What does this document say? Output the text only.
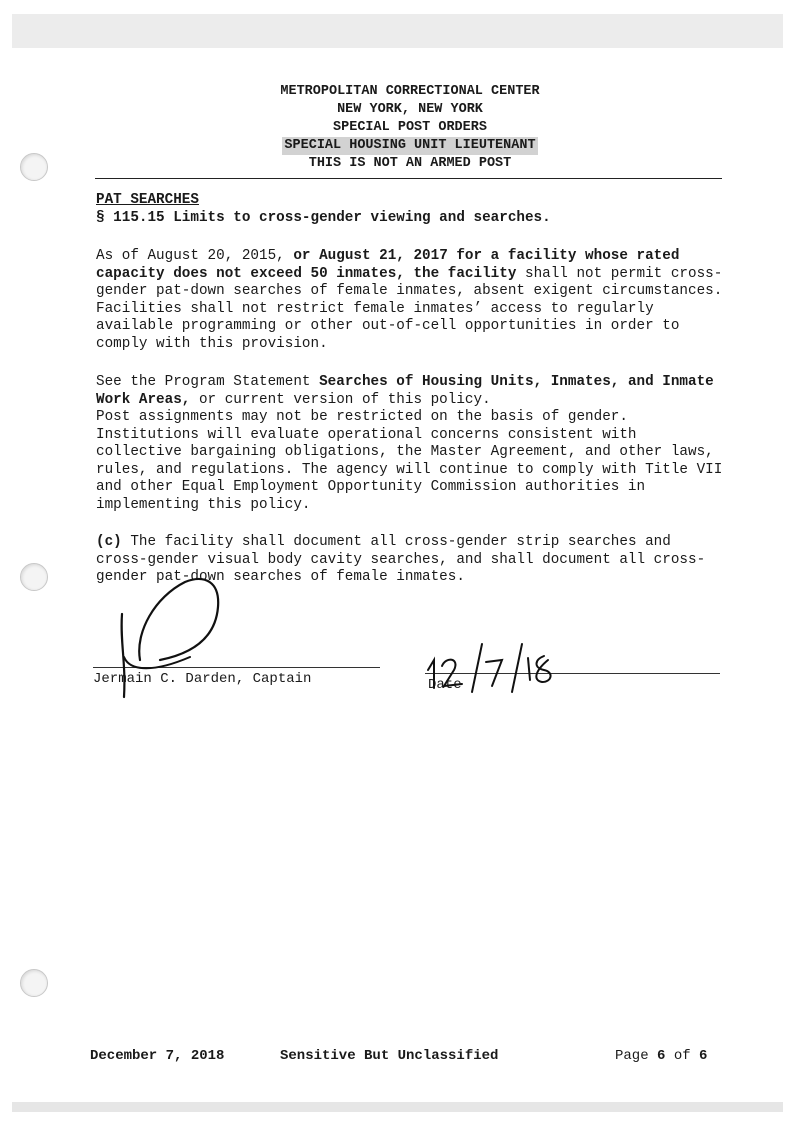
METROPOLITAN CORRECTIONAL CENTER
NEW YORK, NEW YORK
SPECIAL POST ORDERS
SPECIAL HOUSING UNIT LIEUTENANT
THIS IS NOT AN ARMED POST

PAT SEARCHES

§ 115.15 Limits to cross-gender viewing and searches.

As of August 20, 2015, or August 21, 2017 for a facility whose rated capacity does not exceed 50 inmates, the facility shall not permit cross-gender pat-down searches of female inmates, absent exigent circumstances. Facilities shall not restrict female inmates’ access to regularly available programming or other out-of-cell opportunities in order to comply with this provision.

See the Program Statement Searches of Housing Units, Inmates, and Inmate Work Areas, or current version of this policy.

Post assignments may not be restricted on the basis of gender. Institutions will evaluate operational concerns consistent with collective bargaining obligations, the Master Agreement, and other laws, rules, and regulations. The agency will continue to comply with Title VII and other Equal Employment Opportunity Commission authorities in implementing this policy.

(c) The facility shall document all cross-gender strip searches and cross-gender visual body cavity searches, and shall document all cross-gender pat-down searches of female inmates.

Jermain C. Darden, Captain	Date
December 7, 2018	Sensitive But Unclassified	Page 6 of 6
